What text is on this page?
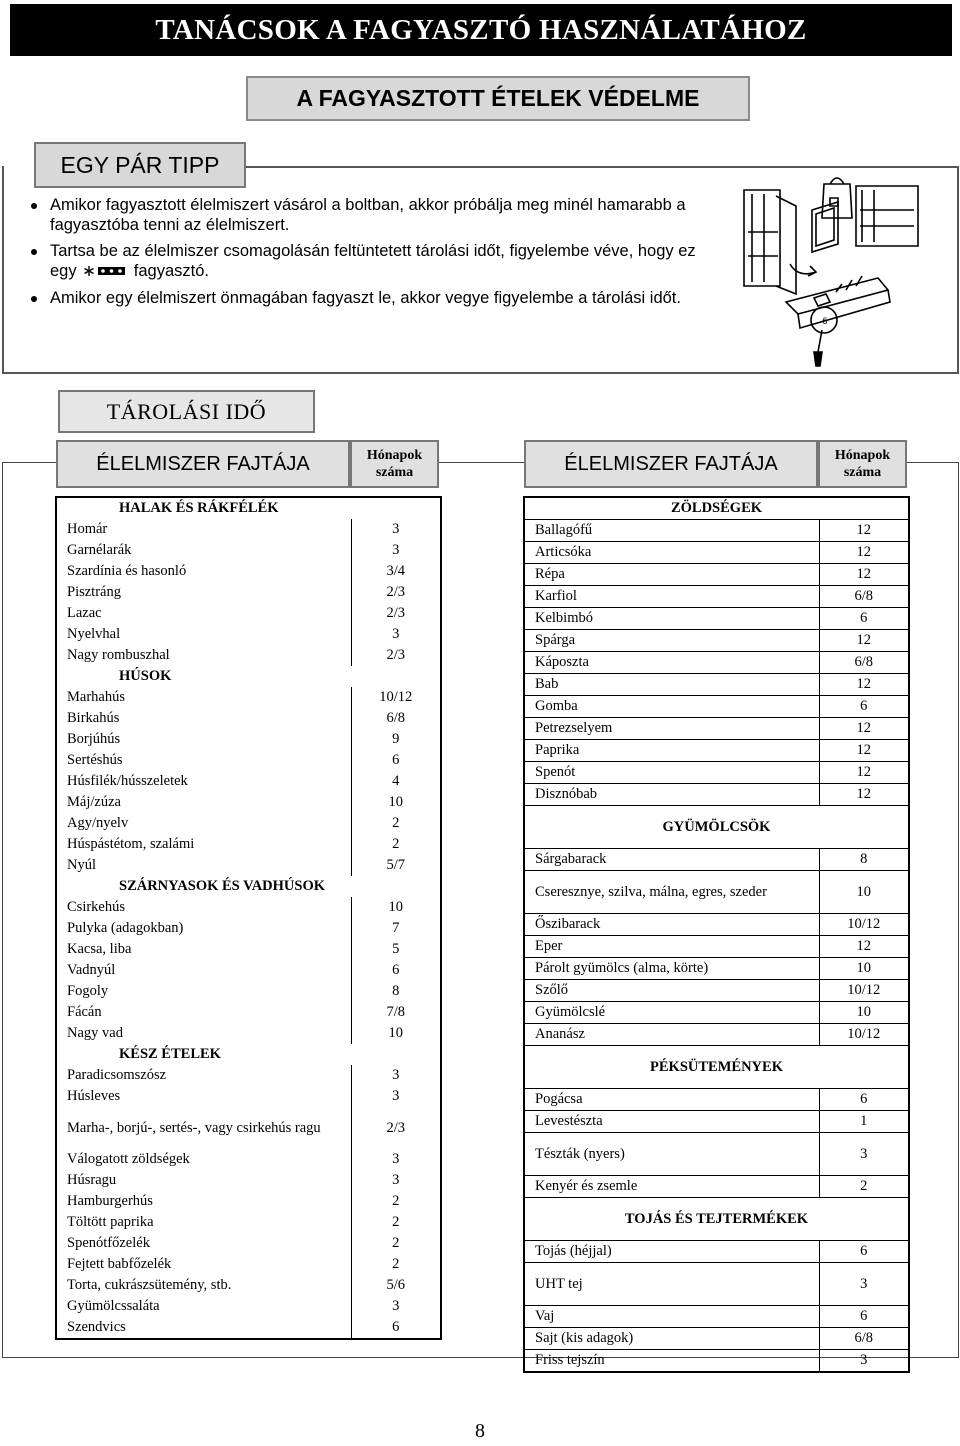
TANÁCSOK A FAGYASZTÓ HASZNÁLATÁHOZ
A FAGYASZTOTT ÉTELEK VÉDELME
EGY PÁR TIPP
Amikor fagyasztott élelmiszert vásárol a boltban, akkor próbálja meg minél hamarabb a fagyasztóba tenni az élelmiszert.
Tartsa be az élelmiszer csomagolásán feltüntetett tárolási időt, figyelembe véve, hogy ez egy	fagyasztó.
Amikor egy élelmiszert önmagában fagyaszt le, akkor vegye figyelembe a tárolási időt.
6
TÁROLÁSI IDŐ
ÉLELMISZER FAJTÁJA	Hónapok száma	ÉLELMISZER FAJTÁJA	Hónapok száma
HALAK ÉS RÁKFÉLÉK	
Homár	3
Garnélarák	3
Szardínia és hasonló	3/4
Pisztráng	2/3
Lazac	2/3
Nyelvhal	3
Nagy rombuszhal	2/3
HÚSOK	
Marhahús	10/12
Birkahús	6/8
Borjúhús	9
Sertéshús	6
Húsfilék/hússzeletek	4
Máj/zúza	10
Agy/nyelv	2
Húspástétom, szalámi	2
Nyúl	5/7
SZÁRNYASOK ÉS VADHÚSOK	
Csirkehús	10
Pulyka (adagokban)	7
Kacsa, liba	5
Vadnyúl	6
Fogoly	8
Fácán	7/8
Nagy vad	10
KÉSZ ÉTELEK	
Paradicsomszósz	3
Húsleves	3
Marha-, borjú-, sertés-, vagy csirkehús ragu	2/3
Válogatott zöldségek	3
Húsragu	3
Hamburgerhús	2
Töltött paprika	2
Spenótfőzelék	2
Fejtett babfőzelék	2
Torta, cukrászsütemény, stb.	5/6
Gyümölcssaláta	3
Szendvics	6
ZÖLDSÉGEK	
Ballagófű	12
Articsóka	12
Répa	12
Karfiol	6/8
Kelbimbó	6
Spárga	12
Káposzta	6/8
Bab	12
Gomba	6
Petrezselyem	12
Paprika	12
Spenót	12
Disznóbab	12
GYÜMÖLCSÖK	
Sárgabarack	8
Cseresznye, szilva, málna, egres, szeder	10
Őszibarack	10/12
Eper	12
Párolt gyümölcs (alma, körte)	10
Szőlő	10/12
Gyümölcslé	10
Ananász	10/12
PÉKSÜTEMÉNYEK	
Pogácsa	6
Levestészta	1
Tészták (nyers)	3
Kenyér és zsemle	2
TOJÁS ÉS TEJTERMÉKEK	
Tojás (héjjal)	6
UHT tej	3
Vaj	6
Sajt (kis adagok)	6/8
Friss tejszín	3
8
